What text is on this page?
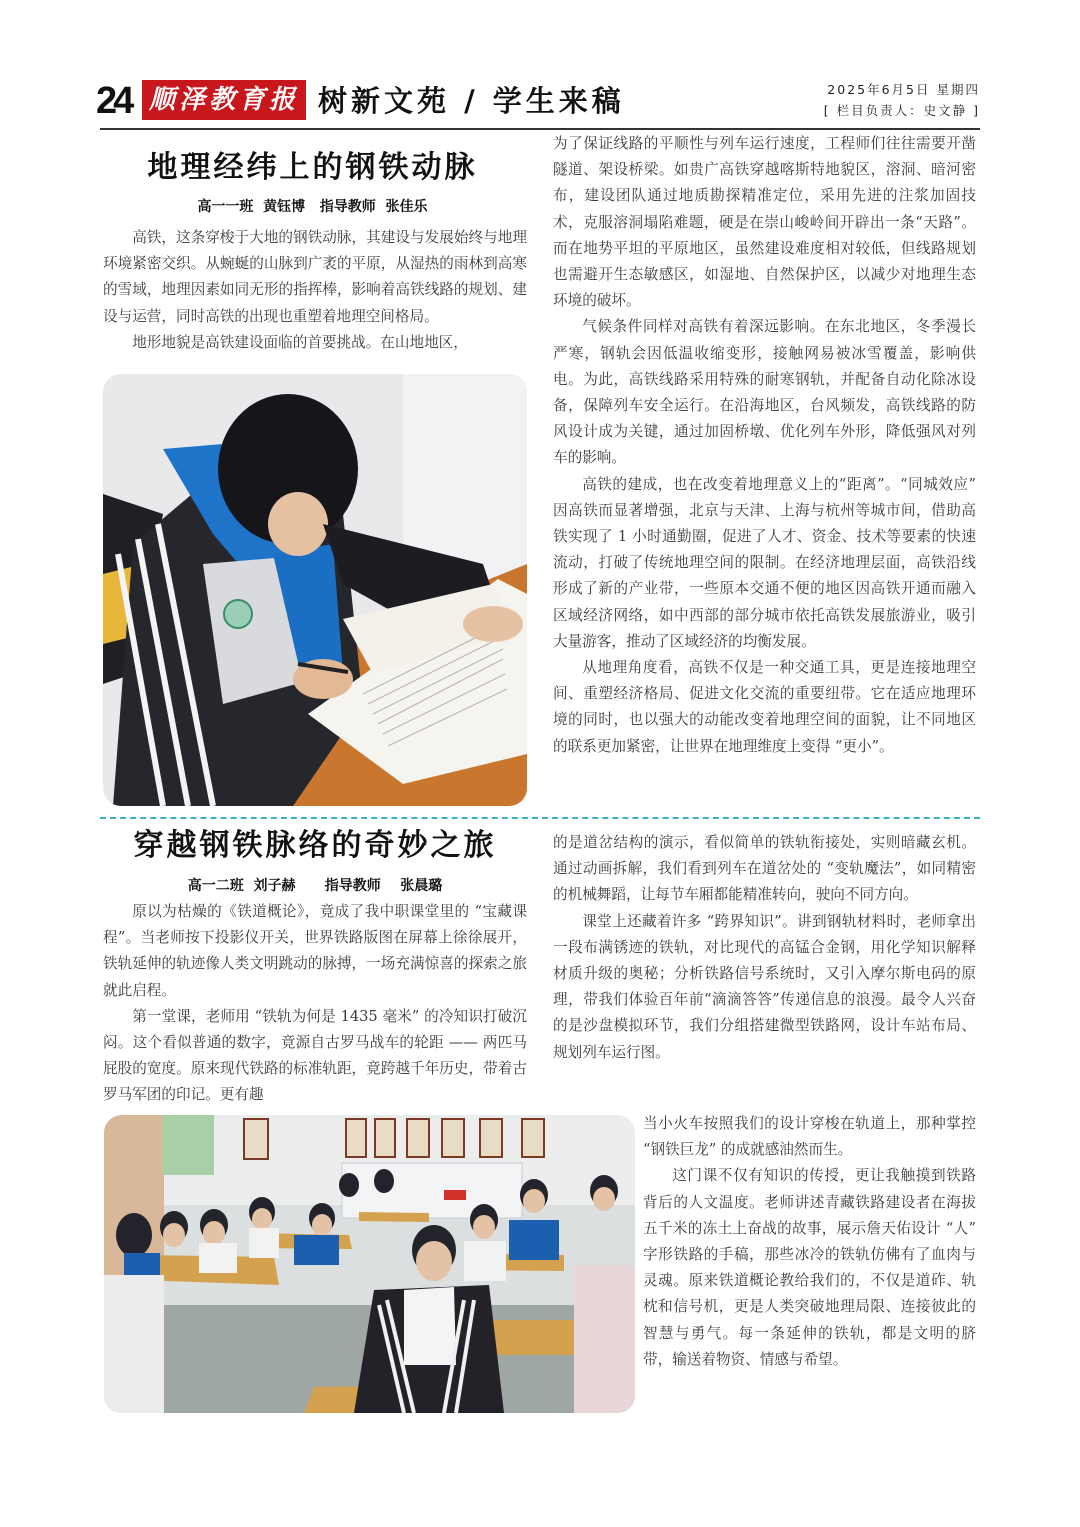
24 顺泽教育报 树新文苑 / 学生来稿	2025年6月5日 星期四
[ 栏目负责人：史文静 ]
地理经纬上的钢铁动脉
高一一班  黄钰博   指导教师  张佳乐

高铁，这条穿梭于大地的钢铁动脉，其建设与发展始终与地理环境紧密交织。从蜿蜒的山脉到广袤的平原，从湿热的雨林到高寒的雪域，地理因素如同无形的指挥棒，影响着高铁线路的规划、建设与运营，同时高铁的出现也重塑着地理空间格局。

地形地貌是高铁建设面临的首要挑战。在山地地区，

为了保证线路的平顺性与列车运行速度，工程师们往往需要开凿隧道、架设桥梁。如贵广高铁穿越喀斯特地貌区，溶洞、暗河密布，建设团队通过地质勘探精准定位，采用先进的注浆加固技术，克服溶洞塌陷难题，硬是在崇山峻岭间开辟出一条“天路”。而在地势平坦的平原地区，虽然建设难度相对较低，但线路规划也需避开生态敏感区，如湿地、自然保护区，以减少对地理生态环境的破坏。

气候条件同样对高铁有着深远影响。在东北地区，冬季漫长严寒，钢轨会因低温收缩变形，接触网易被冰雪覆盖，影响供电。为此，高铁线路采用特殊的耐寒钢轨，并配备自动化除冰设备，保障列车安全运行。在沿海地区，台风频发，高铁线路的防风设计成为关键，通过加固桥墩、优化列车外形，降低强风对列车的影响。

高铁的建成，也在改变着地理意义上的“距离”。“同城效应” 因高铁而显著增强，北京与天津、上海与杭州等城市间，借助高铁实现了 1 小时通勤圈，促进了人才、资金、技术等要素的快速流动，打破了传统地理空间的限制。在经济地理层面，高铁沿线形成了新的产业带，一些原本交通不便的地区因高铁开通而融入区域经济网络，如中西部的部分城市依托高铁发展旅游业，吸引大量游客，推动了区域经济的均衡发展。

从地理角度看，高铁不仅是一种交通工具，更是连接地理空间、重塑经济格局、促进文化交流的重要纽带。它在适应地理环境的同时，也以强大的动能改变着地理空间的面貌，让不同地区的联系更加紧密，让世界在地理维度上变得 “更小”。

穿越钢铁脉络的奇妙之旅
高一二班  刘子赫      指导教师    张晨璐

原以为枯燥的《铁道概论》，竟成了我中职课堂里的 “宝藏课程”。当老师按下投影仪开关，世界铁路版图在屏幕上徐徐展开，铁轨延伸的轨迹像人类文明跳动的脉搏，一场充满惊喜的探索之旅就此启程。

第一堂课，老师用 “铁轨为何是 1435 毫米” 的冷知识打破沉闷。这个看似普通的数字，竟源自古罗马战车的轮距 —— 两匹马屁股的宽度。原来现代铁路的标准轨距，竟跨越千年历史，带着古罗马军团的印记。更有趣

的是道岔结构的演示，看似简单的铁轨衔接处，实则暗藏玄机。通过动画拆解，我们看到列车在道岔处的 “变轨魔法”，如同精密的机械舞蹈，让每节车厢都能精准转向，驶向不同方向。

课堂上还藏着许多 “跨界知识”。讲到钢轨材料时，老师拿出一段布满锈迹的铁轨，对比现代的高锰合金钢，用化学知识解释材质升级的奥秘；分析铁路信号系统时，又引入摩尔斯电码的原理，带我们体验百年前“滴滴答答”传递信息的浪漫。最令人兴奋的是沙盘模拟环节，我们分组搭建微型铁路网，设计车站布局、规划列车运行图。

当小火车按照我们的设计穿梭在轨道上，那种掌控 “钢铁巨龙” 的成就感油然而生。

这门课不仅有知识的传授，更让我触摸到铁路背后的人文温度。老师讲述青藏铁路建设者在海拔五千米的冻土上奋战的故事，展示詹天佑设计 “人” 字形铁路的手稿，那些冰冷的铁轨仿佛有了血肉与灵魂。原来铁道概论教给我们的，不仅是道砟、轨枕和信号机，更是人类突破地理局限、连接彼此的智慧与勇气。每一条延伸的铁轨，都是文明的脐带，输送着物资、情感与希望。
